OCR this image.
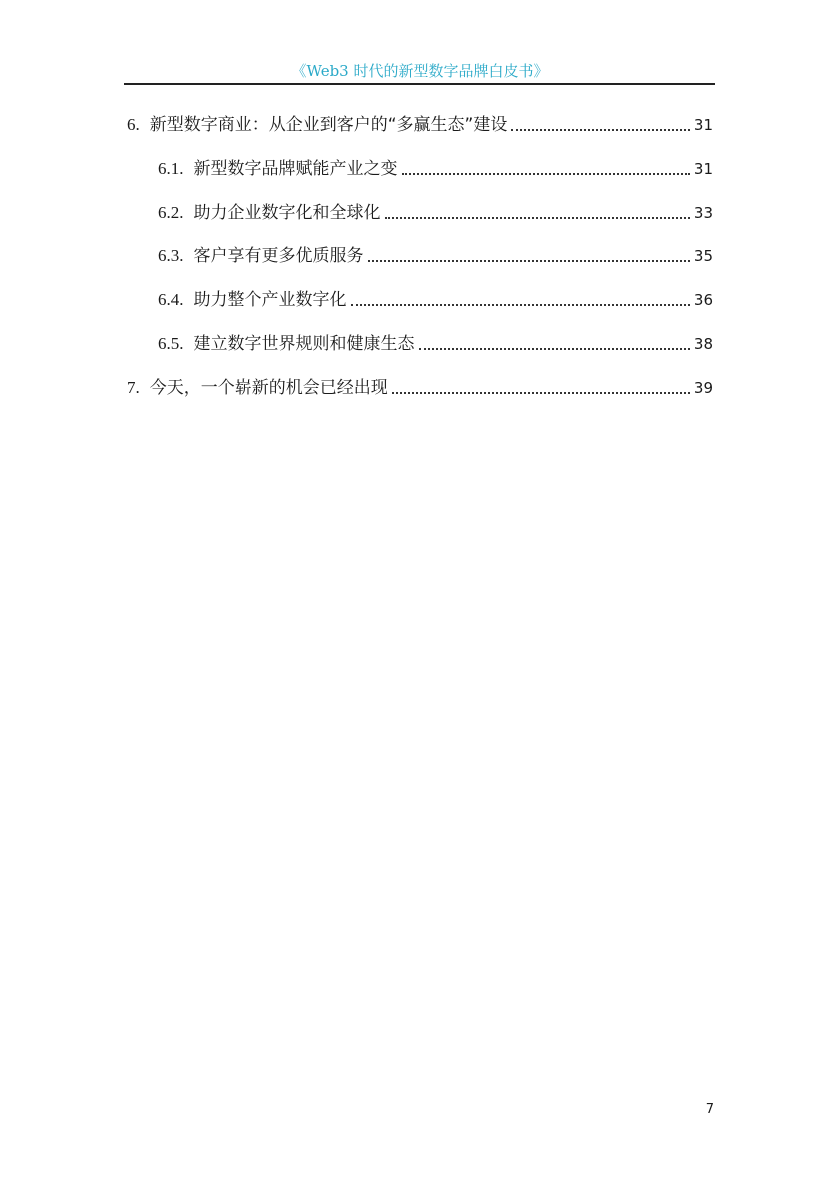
《Web3 时代的新型数字品牌白皮书》
6. 新型数字商业：从企业到客户的“多赢生态”建设	31
6.1. 新型数字品牌赋能产业之变	31
6.2. 助力企业数字化和全球化	33
6.3. 客户享有更多优质服务	35
6.4. 助力整个产业数字化	36
6.5. 建立数字世界规则和健康生态	38
7. 今天，一个崭新的机会已经出现	39
7
